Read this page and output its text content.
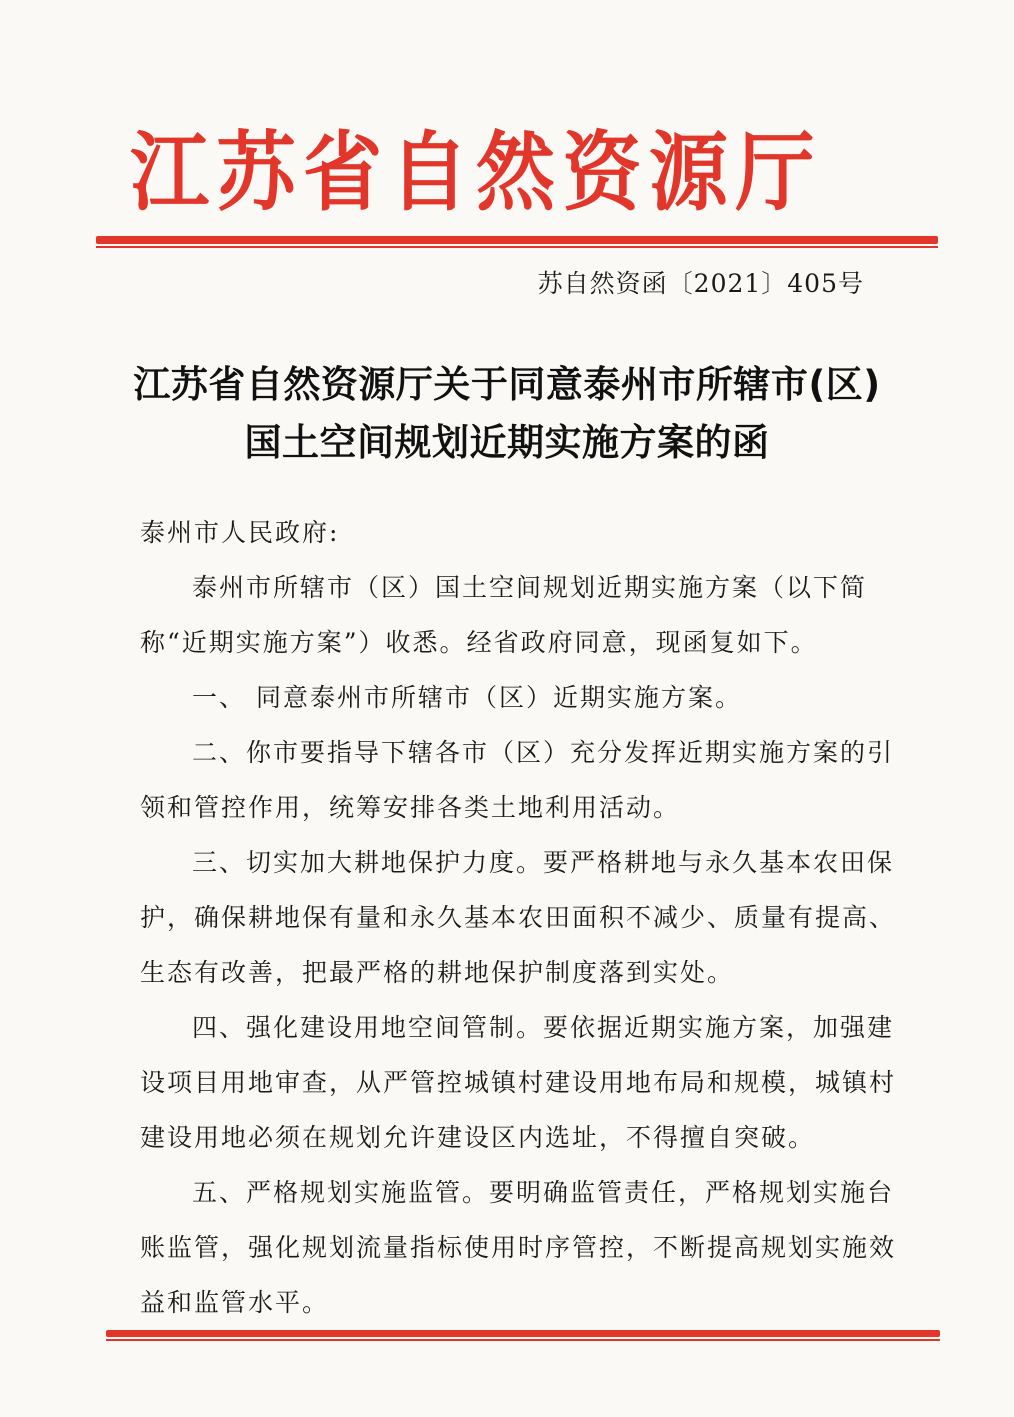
江苏省自然资源厅
苏自然资函〔2021〕405号
江苏省自然资源厅关于同意泰州市所辖市(区)
国土空间规划近期实施方案的函

泰州市人民政府:

泰州市所辖市（区）国土空间规划近期实施方案（以下简称“近期实施方案”）收悉。经省政府同意，现函复如下。

一、 同意泰州市所辖市（区）近期实施方案。

二、你市要指导下辖各市（区）充分发挥近期实施方案的引领和管控作用，统筹安排各类土地利用活动。

三、切实加大耕地保护力度。要严格耕地与永久基本农田保护，确保耕地保有量和永久基本农田面积不减少、质量有提高、生态有改善，把最严格的耕地保护制度落到实处。

四、强化建设用地空间管制。要依据近期实施方案，加强建设项目用地审查，从严管控城镇村建设用地布局和规模，城镇村建设用地必须在规划允许建设区内选址，不得擅自突破。

五、严格规划实施监管。要明确监管责任，严格规划实施台账监管，强化规划流量指标使用时序管控，不断提高规划实施效益和监管水平。
